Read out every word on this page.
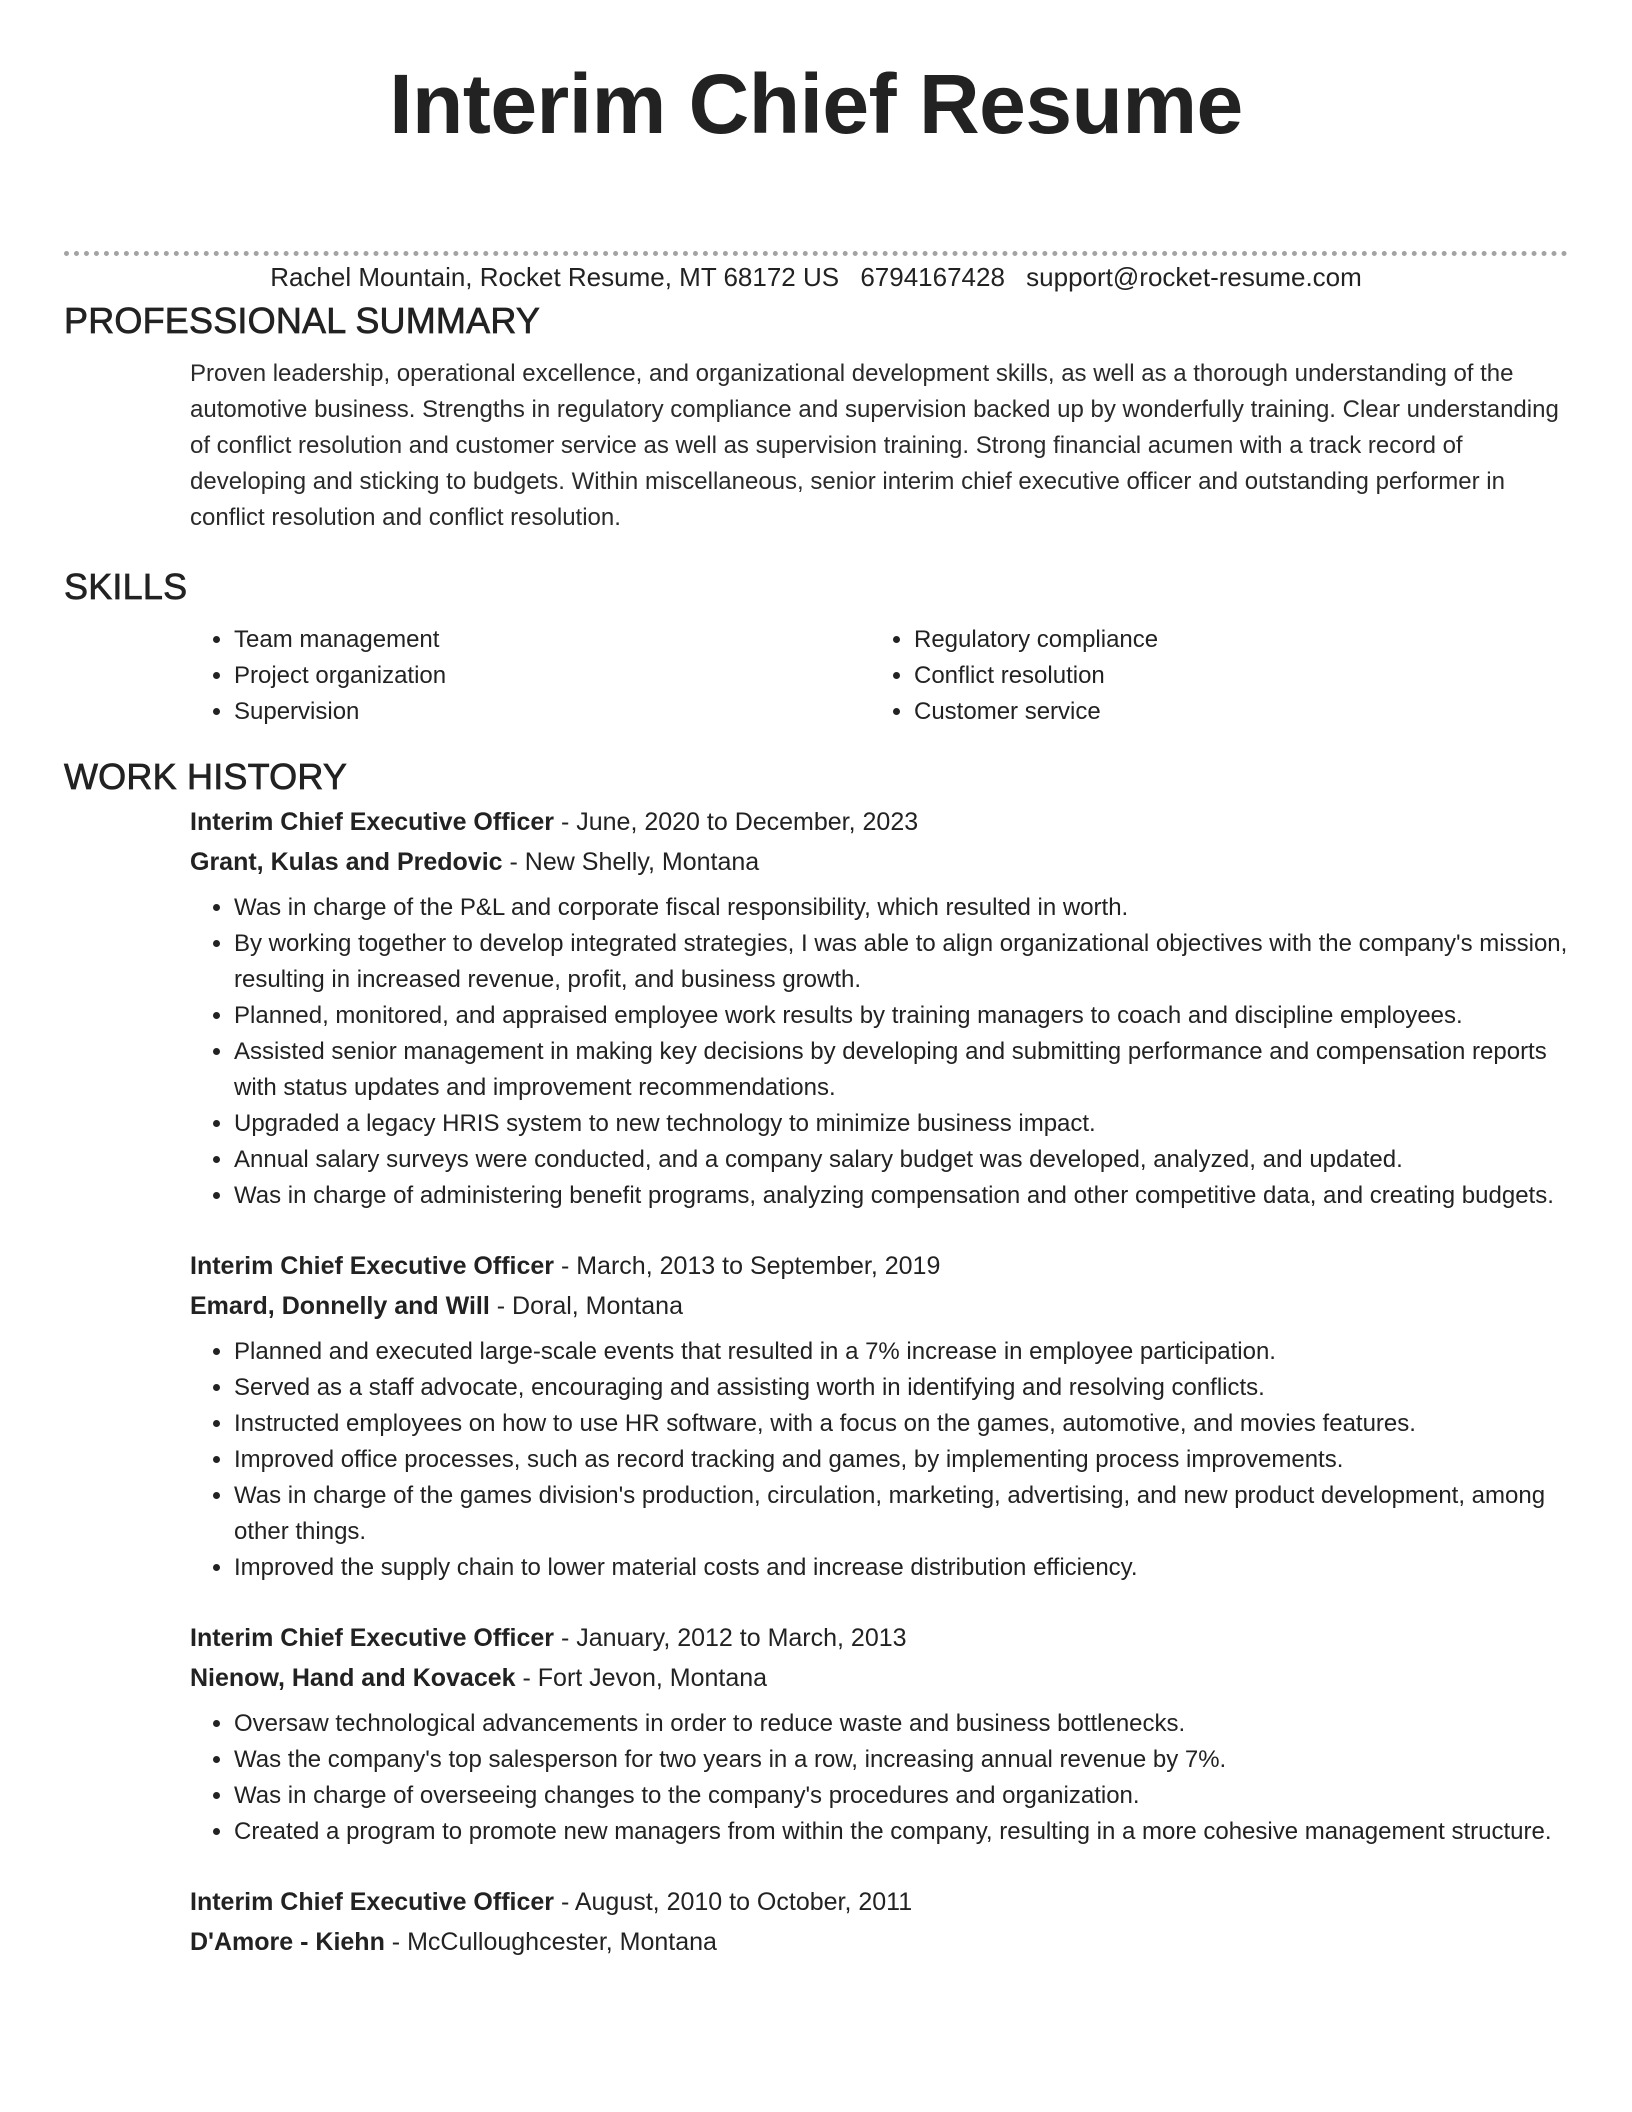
Interim Chief Resume
Rachel Mountain, Rocket Resume, MT 68172 US 6794167428 support@rocket-resume.com
PROFESSIONAL SUMMARY

Proven leadership, operational excellence, and organizational development skills, as well as a thorough understanding of the automotive business. Strengths in regulatory compliance and supervision backed up by wonderfully training. Clear understanding of conflict resolution and customer service as well as supervision training. Strong financial acumen with a track record of developing and sticking to budgets. Within miscellaneous, senior interim chief executive officer and outstanding performer in conflict resolution and conflict resolution.

SKILLS
• Team management
• Project organization
• Supervision
• Regulatory compliance
• Conflict resolution
• Customer service
WORK HISTORY
Interim Chief Executive Officer - June, 2020 to December, 2023
Grant, Kulas and Predovic - New Shelly, Montana
• Was in charge of the P&L and corporate fiscal responsibility, which resulted in worth.
• By working together to develop integrated strategies, I was able to align organizational objectives with the company's mission, resulting in increased revenue, profit, and business growth.
• Planned, monitored, and appraised employee work results by training managers to coach and discipline employees.
• Assisted senior management in making key decisions by developing and submitting performance and compensation reports with status updates and improvement recommendations.
• Upgraded a legacy HRIS system to new technology to minimize business impact.
• Annual salary surveys were conducted, and a company salary budget was developed, analyzed, and updated.
• Was in charge of administering benefit programs, analyzing compensation and other competitive data, and creating budgets.
Interim Chief Executive Officer - March, 2013 to September, 2019
Emard, Donnelly and Will - Doral, Montana
• Planned and executed large-scale events that resulted in a 7% increase in employee participation.
• Served as a staff advocate, encouraging and assisting worth in identifying and resolving conflicts.
• Instructed employees on how to use HR software, with a focus on the games, automotive, and movies features.
• Improved office processes, such as record tracking and games, by implementing process improvements.
• Was in charge of the games division's production, circulation, marketing, advertising, and new product development, among other things.
• Improved the supply chain to lower material costs and increase distribution efficiency.
Interim Chief Executive Officer - January, 2012 to March, 2013
Nienow, Hand and Kovacek - Fort Jevon, Montana
• Oversaw technological advancements in order to reduce waste and business bottlenecks.
• Was the company's top salesperson for two years in a row, increasing annual revenue by 7%.
• Was in charge of overseeing changes to the company's procedures and organization.
• Created a program to promote new managers from within the company, resulting in a more cohesive management structure.
Interim Chief Executive Officer - August, 2010 to October, 2011
D'Amore - Kiehn - McCulloughcester, Montana
